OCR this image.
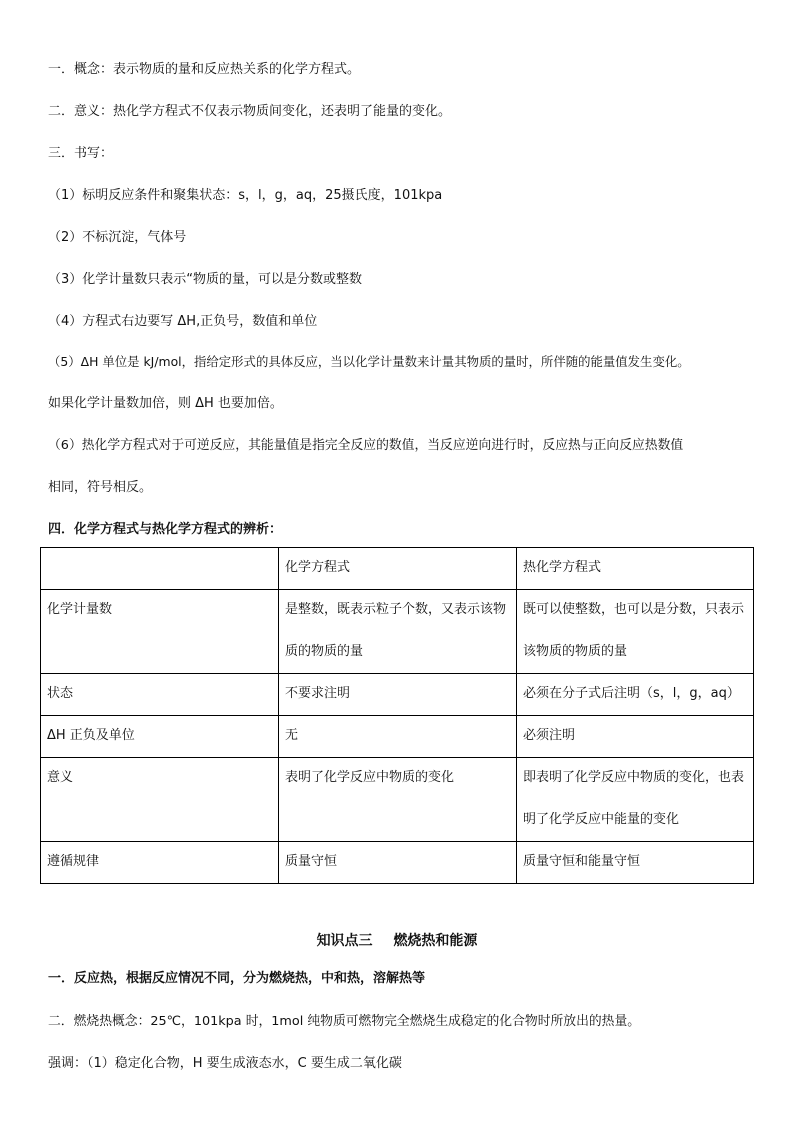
一．概念：表示物质的量和反应热关系的化学方程式。
二．意义：热化学方程式不仅表示物质间变化，还表明了能量的变化。
三．书写：
（1）标明反应条件和聚集状态：s，l，g，aq，25摄氏度，101kpa
（2）不标沉淀，气体号
（3）化学计量数只表示“物质的量，可以是分数或整数
（4）方程式右边要写 ΔH,正负号，数值和单位
（5）ΔH 单位是 kJ/mol，指给定形式的具体反应，当以化学计量数来计量其物质的量时，所伴随的能量值发生变化。
如果化学计量数加倍，则 ΔH 也要加倍。
（6）热化学方程式对于可逆反应，其能量值是指完全反应的数值，当反应逆向进行时，反应热与正向反应热数值
相同，符号相反。
四．化学方程式与热化学方程式的辨析：

	化学方程式	热化学方程式

化学计量数	是整数，既表示粒子个数，又表示该物质的物质的量	既可以使整数，也可以是分数，只表示该物质的物质的量

状态	不要求注明	必须在分子式后注明（s，l，g，aq）

ΔH 正负及单位	无	必须注明

意义	表明了化学反应中物质的变化	即表明了化学反应中物质的变化，也表明了化学反应中能量的变化

遵循规律	质量守恒	质量守恒和能量守恒
知识点三 燃烧热和能源
一．反应热，根据反应情况不同，分为燃烧热，中和热，溶解热等
二．燃烧热概念：25℃，101kpa 时，1mol 纯物质可燃物完全燃烧生成稳定的化合物时所放出的热量。
强调：（1）稳定化合物，H 要生成液态水，C 要生成二氧化碳
